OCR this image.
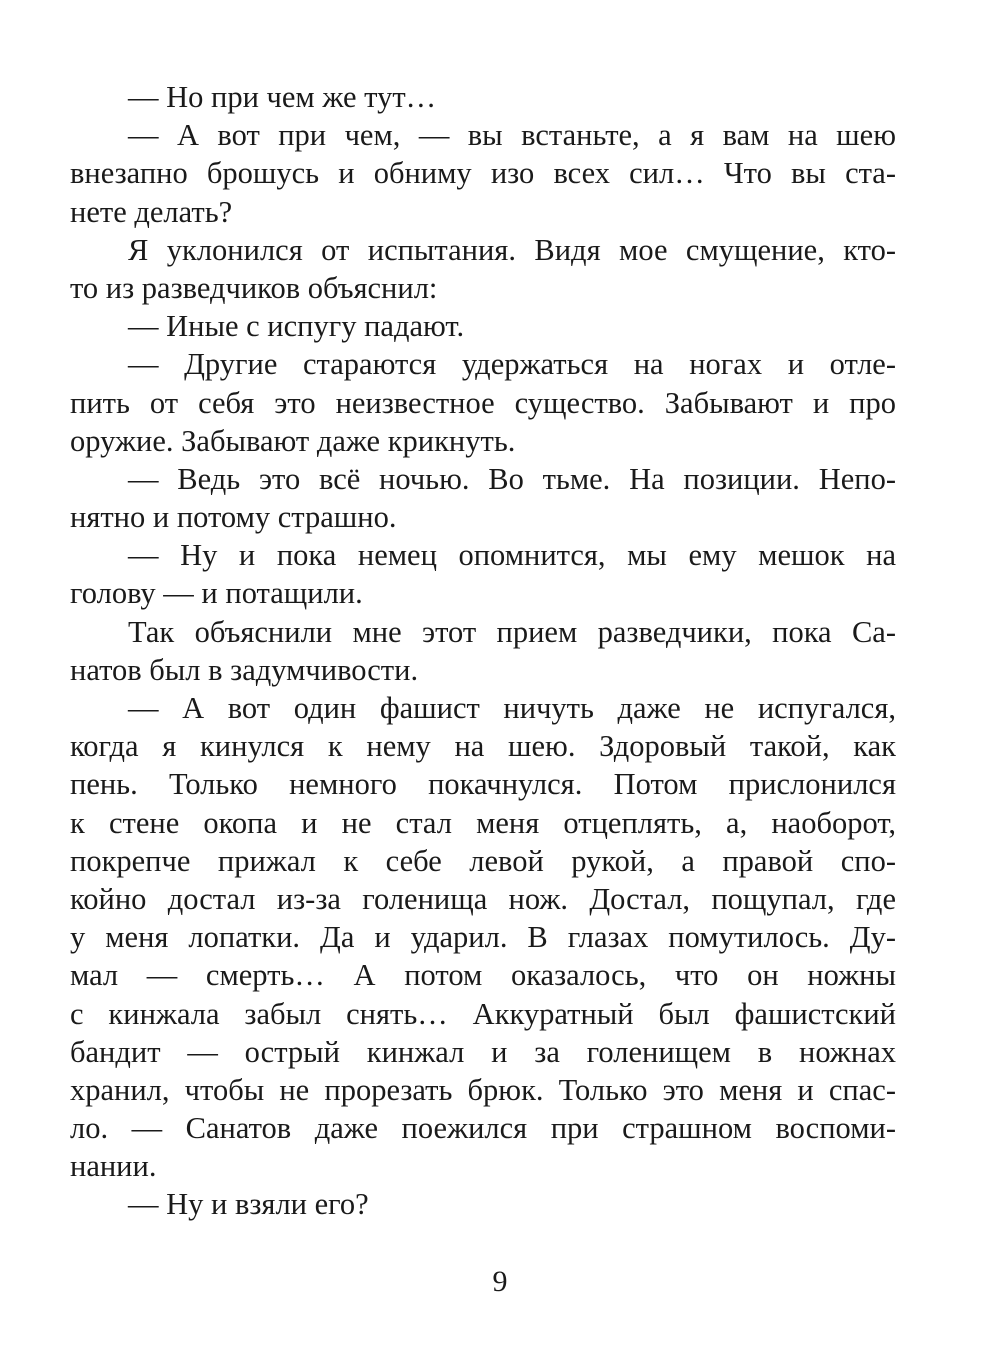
— Но при чем же тут…
— А вот при чем, — вы встаньте, а я вам на шею
внезапно брошусь и обниму изо всех сил… Что вы ста-
нете делать?
Я уклонился от испытания. Видя мое смущение, кто-
то из разведчиков объяснил:
— Иные с испугу падают.
— Другие стараются удержаться на ногах и отле-
пить от себя это неизвестное существо. Забывают и про
оружие. Забывают даже крикнуть.
— Ведь это всё ночью. Во тьме. На позиции. Непо-
нятно и потому страшно.
— Ну и пока немец опомнится, мы ему мешок на
голову — и потащили.
Так объяснили мне этот прием разведчики, пока Са-
натов был в задумчивости.
— А вот один фашист ничуть даже не испугался,
когда я кинулся к нему на шею. Здоровый такой, как
пень. Только немного покачнулся. Потом прислонился
к стене окопа и не стал меня отцеплять, а, наоборот,
покрепче прижал к себе левой рукой, а правой спо-
койно достал из-за голенища нож. Достал, пощупал, где
у меня лопатки. Да и ударил. В глазах помутилось. Ду-
мал — смерть… А потом оказалось, что он ножны
с кинжала забыл снять… Аккуратный был фашистский
бандит — острый кинжал и за голенищем в ножнах
хранил, чтобы не прорезать брюк. Только это меня и спас-
ло. — Санатов даже поежился при страшном воспоми-
нании.
— Ну и взяли его?
9
